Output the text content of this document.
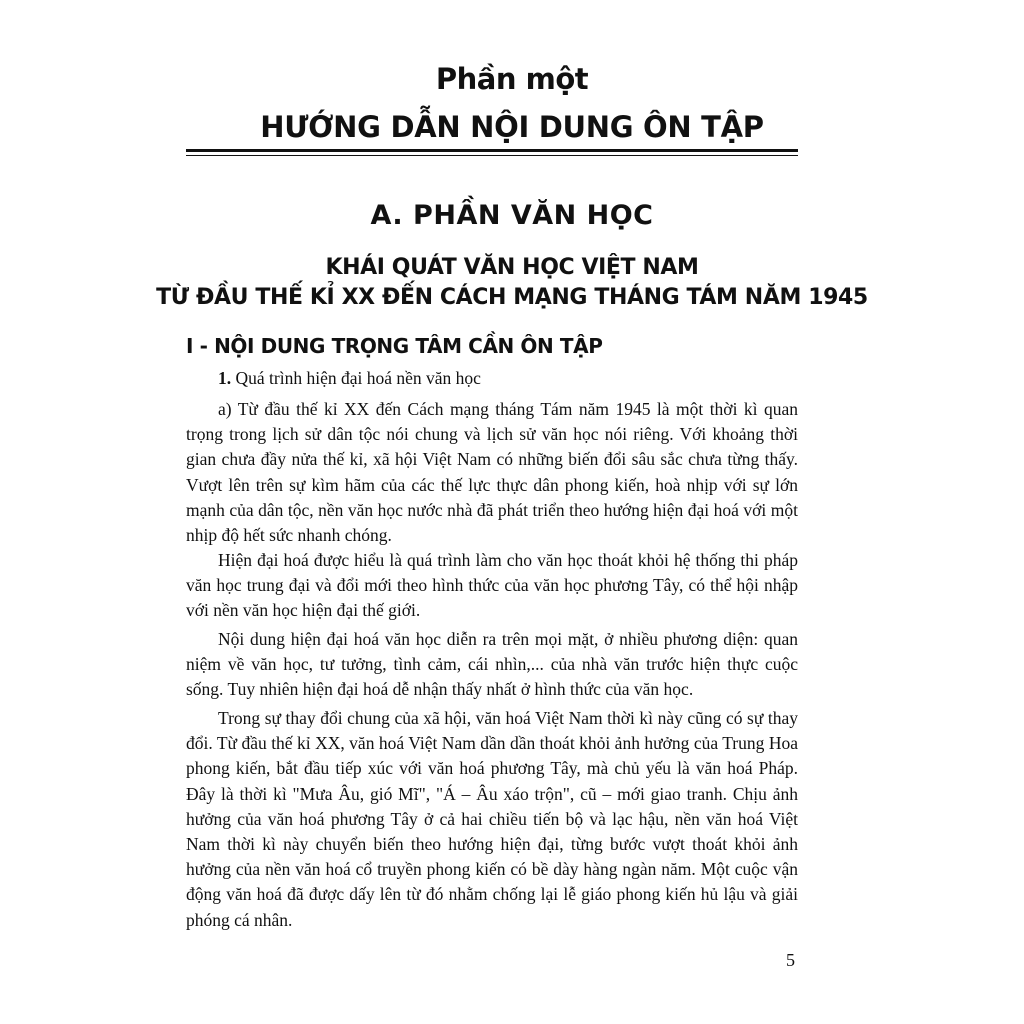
Phần một
HƯỚNG DẪN NỘI DUNG ÔN TẬP
A. PHẦN VĂN HỌC
KHÁI QUÁT VĂN HỌC VIỆT NAM
TỪ ĐẦU THẾ KỈ XX ĐẾN CÁCH MẠNG THÁNG TÁM NĂM 1945
I - NỘI DUNG TRỌNG TÂM CẦN ÔN TẬP
1. Quá trình hiện đại hoá nền văn học

a) Từ đầu thế kỉ XX đến Cách mạng tháng Tám năm 1945 là một thời kì quan trọng trong lịch sử dân tộc nói chung và lịch sử văn học nói riêng. Với khoảng thời gian chưa đầy nửa thế kỉ, xã hội Việt Nam có những biến đổi sâu sắc chưa từng thấy. Vượt lên trên sự kìm hãm của các thế lực thực dân phong kiến, hoà nhịp với sự lớn mạnh của dân tộc, nền văn học nước nhà đã phát triển theo hướng hiện đại hoá với một nhịp độ hết sức nhanh chóng.

Hiện đại hoá được hiểu là quá trình làm cho văn học thoát khỏi hệ thống thi pháp văn học trung đại và đổi mới theo hình thức của văn học phương Tây, có thể hội nhập với nền văn học hiện đại thế giới.

Nội dung hiện đại hoá văn học diễn ra trên mọi mặt, ở nhiều phương diện: quan niệm về văn học, tư tưởng, tình cảm, cái nhìn,... của nhà văn trước hiện thực cuộc sống. Tuy nhiên hiện đại hoá dễ nhận thấy nhất ở hình thức của văn học.

Trong sự thay đổi chung của xã hội, văn hoá Việt Nam thời kì này cũng có sự thay đổi. Từ đầu thế kỉ XX, văn hoá Việt Nam dần dần thoát khỏi ảnh hưởng của Trung Hoa phong kiến, bắt đầu tiếp xúc với văn hoá phương Tây, mà chủ yếu là văn hoá Pháp. Đây là thời kì "Mưa Âu, gió Mĩ", "Á – Âu xáo trộn", cũ – mới giao tranh. Chịu ảnh hưởng của văn hoá phương Tây ở cả hai chiều tiến bộ và lạc hậu, nền văn hoá Việt Nam thời kì này chuyển biến theo hướng hiện đại, từng bước vượt thoát khỏi ảnh hưởng của nền văn hoá cổ truyền phong kiến có bề dày hàng ngàn năm. Một cuộc vận động văn hoá đã được dấy lên từ đó nhằm chống lại lễ giáo phong kiến hủ lậu và giải phóng cá nhân.

5
